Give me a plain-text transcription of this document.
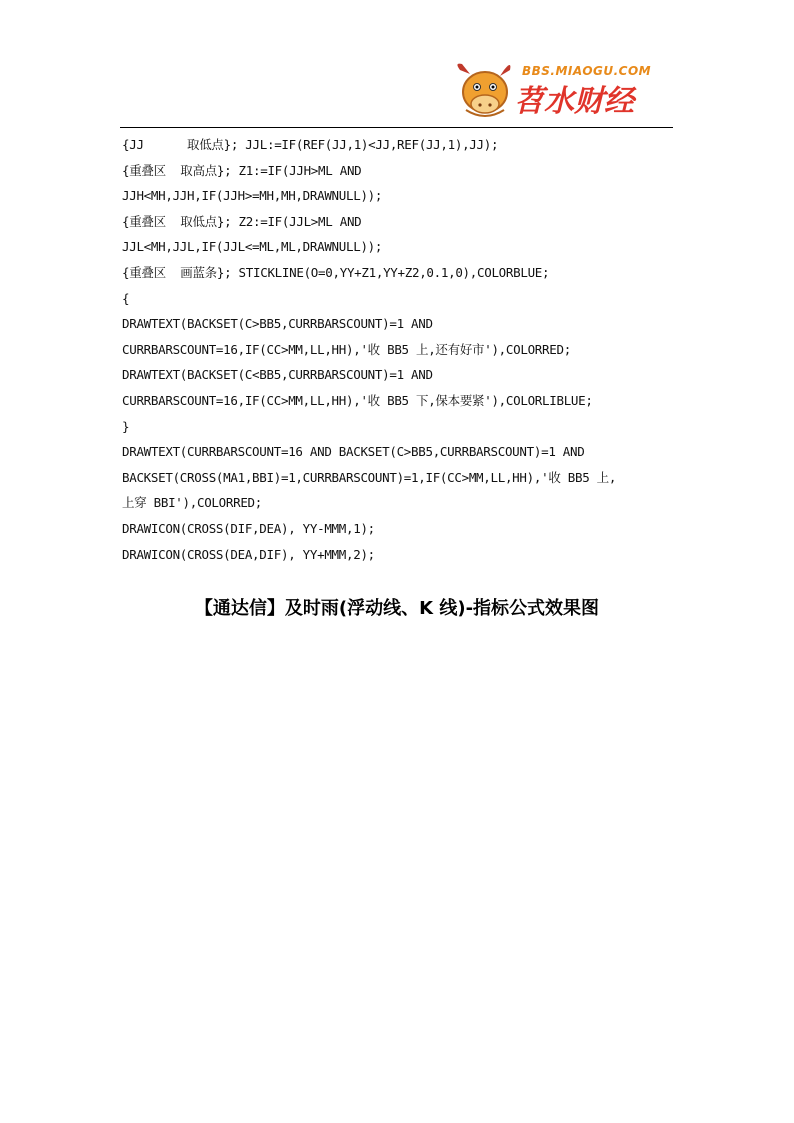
BBS.MIAOGU.COM
苕水财经
{JJ      取低点}; JJL:=IF(REF(JJ,1)<JJ,REF(JJ,1),JJ);
{重叠区  取高点}; Z1:=IF(JJH>ML AND
JJH<MH,JJH,IF(JJH>=MH,MH,DRAWNULL));
{重叠区  取低点}; Z2:=IF(JJL>ML AND
JJL<MH,JJL,IF(JJL<=ML,ML,DRAWNULL));
{重叠区  画蓝条}; STICKLINE(O=0,YY+Z1,YY+Z2,0.1,0),COLORBLUE;
{
DRAWTEXT(BACKSET(C>BB5,CURRBARSCOUNT)=1 AND
CURRBARSCOUNT=16,IF(CC>MM,LL,HH),'收 BB5 上,还有好市'),COLORRED;
DRAWTEXT(BACKSET(C<BB5,CURRBARSCOUNT)=1 AND
CURRBARSCOUNT=16,IF(CC>MM,LL,HH),'收 BB5 下,保本要紧'),COLORLIBLUE;
}
DRAWTEXT(CURRBARSCOUNT=16 AND BACKSET(C>BB5,CURRBARSCOUNT)=1 AND
BACKSET(CROSS(MA1,BBI)=1,CURRBARSCOUNT)=1,IF(CC>MM,LL,HH),'收 BB5 上,
上穿 BBI'),COLORRED;
DRAWICON(CROSS(DIF,DEA), YY-MMM,1);
DRAWICON(CROSS(DEA,DIF), YY+MMM,2);
【通达信】及时雨(浮动线、K 线)-指标公式效果图
